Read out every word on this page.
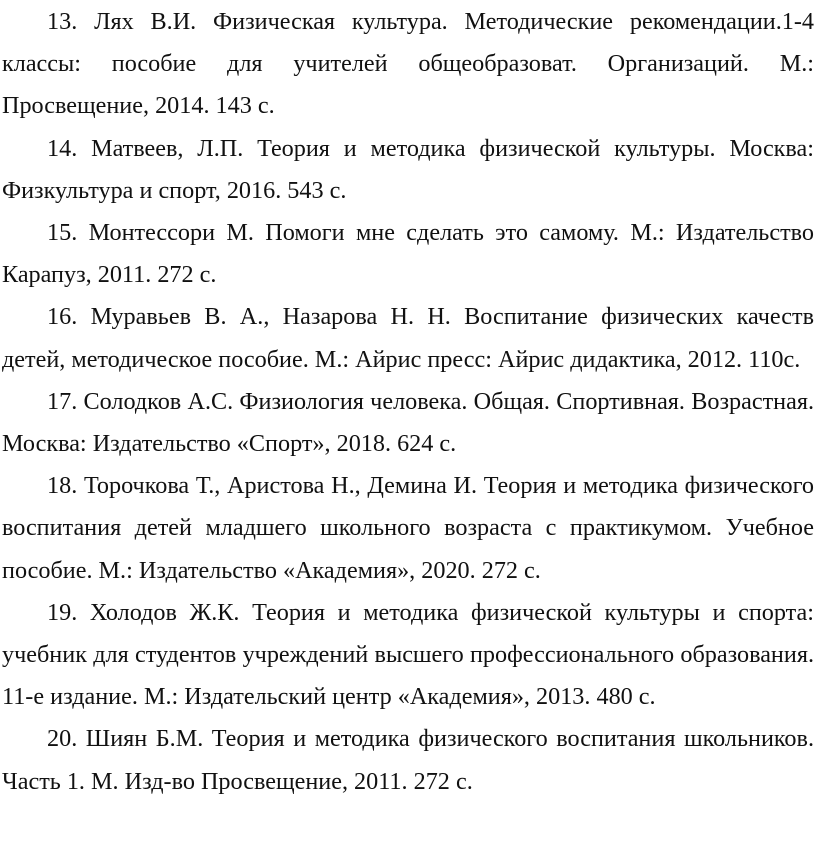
13. Лях В.И. Физическая культура. Методические рекомендации.1-4 классы: пособие для учителей общеобразоват. Организаций. М.: Просвещение, 2014. 143 с.

14. Матвеев, Л.П. Теория и методика физической культуры. Москва: Физкультура и спорт, 2016. 543 с.

15. Монтессори М. Помоги мне сделать это самому. М.: Издательство Карапуз, 2011. 272 с.

16. Муравьев В. А., Назарова Н. Н. Воспитание физических качеств детей, методическое пособие. М.: Айрис пресс: Айрис дидактика, 2012. 110с.

17. Солодков А.С. Физиология человека. Общая. Спортивная. Возрастная. Москва: Издательство «Спорт», 2018. 624 с.

18. Торочкова Т., Аристова Н., Демина И. Теория и методика физического воспитания детей младшего школьного возраста с практикумом. Учебное пособие. М.: Издательство «Академия», 2020. 272 с.

19. Холодов Ж.К. Теория и методика физической культуры и спорта: учебник для студентов учреждений высшего профессионального образования. 11-е издание. М.: Издательский центр «Академия», 2013. 480 с.

20. Шиян Б.М. Теория и методика физического воспитания школьников. Часть 1. М. Изд-во Просвещение, 2011. 272 с.
